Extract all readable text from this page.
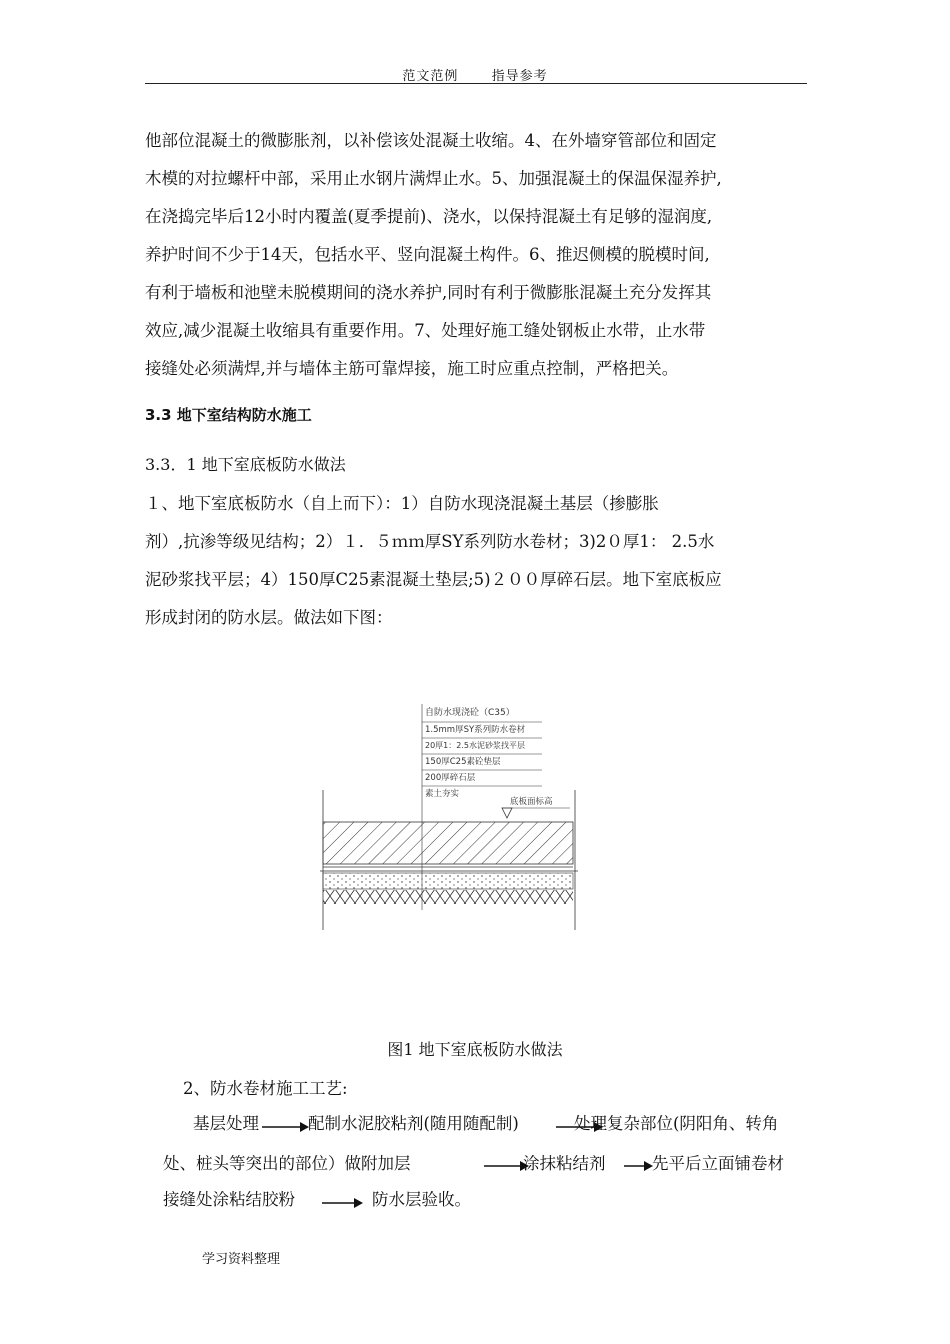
范文范例	指导参考
他部位混凝土的微膨胀剂，以补偿该处混凝土收缩。4、在外墙穿管部位和固定
木模的对拉螺杆中部，采用止水钢片满焊止水。5、加强混凝土的保温保湿养护,
在浇捣完毕后12小时内覆盖(夏季提前)、浇水，以保持混凝土有足够的湿润度,
养护时间不少于14天，包括水平、竖向混凝土构件。6、推迟侧模的脱模时间,
有利于墙板和池壁未脱模期间的浇水养护,同时有利于微膨胀混凝土充分发挥其
效应,减少混凝土收缩具有重要作用。7、处理好施工缝处钢板止水带，止水带
接缝处必须满焊,并与墙体主筋可靠焊接，施工时应重点控制，严格把关。
3.3 地下室结构防水施工
3.3．1 地下室底板防水做法
１、地下室底板防水（自上而下）：1）自防水现浇混凝土基层（掺膨胀
剂）,抗渗等级见结构；2）１．５ｍｍ厚SY系列防水卷材；3)2０厚1： 2.5水
泥砂浆找平层；4）150厚C25素混凝土垫层;5)２００厚碎石层。地下室底板应
形成封闭的防水层。做法如下图：
自防水现浇砼（C35）
1.5mm厚SY系列防水卷材
20厚1：2.5水泥砂浆找平层
150厚C25素砼垫层
200厚碎石层
素土夯实
底板面标高
图1 地下室底板防水做法
2、防水卷材施工工艺:
基层处理	配制水泥胶粘剂(随用随配制)	处理复杂部位(阴阳角、转角
处、桩头等突出的部位）做附加层	涂抹粘结剂	先平后立面铺卷材
接缝处涂粘结胶粉	防水层验收。
学习资料整理
